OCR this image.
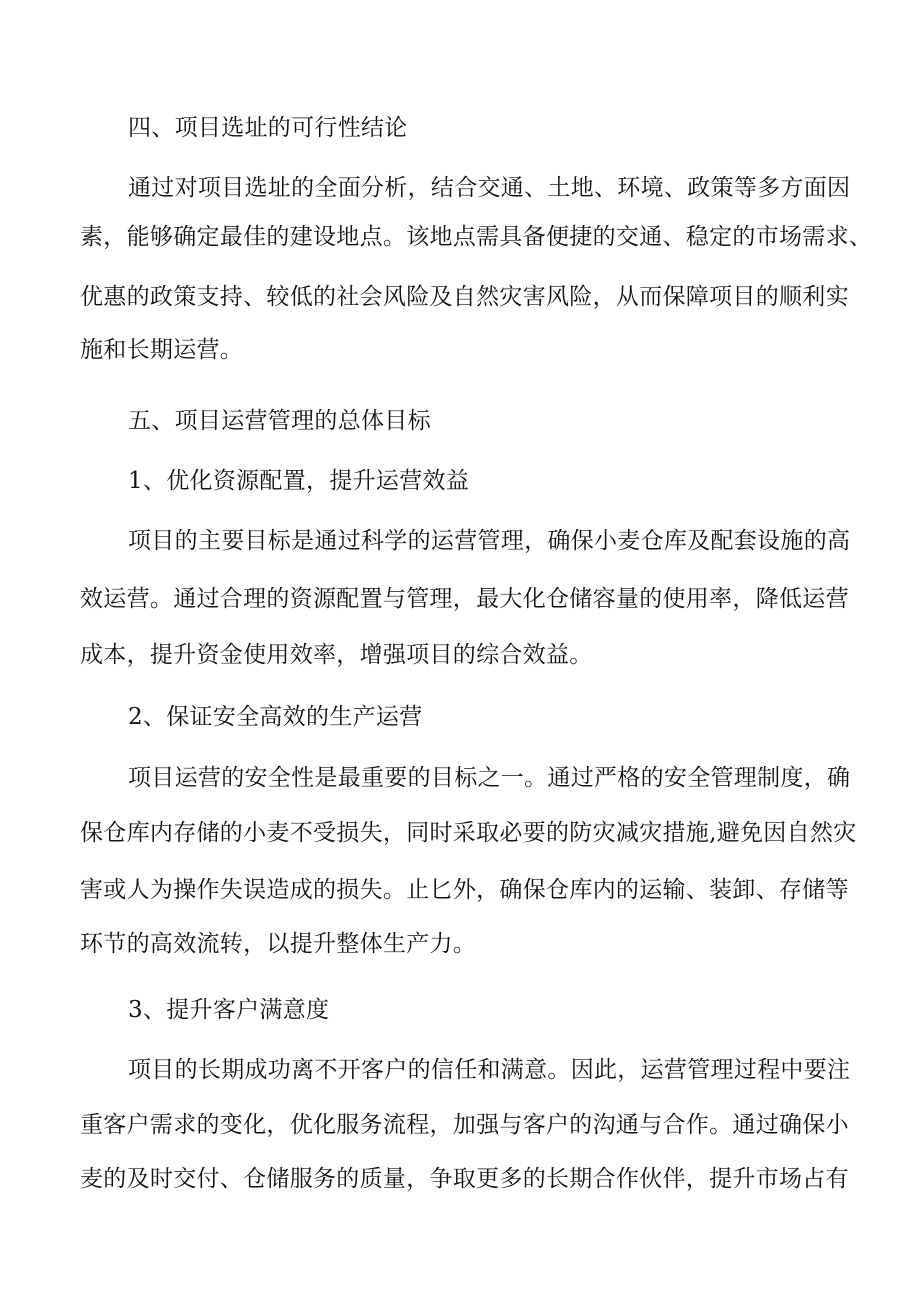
四、项目选址的可行性结论
通过对项目选址的全面分析，结合交通、土地、环境、政策等多方面因
素，能够确定最佳的建设地点。该地点需具备便捷的交通、稳定的市场需求、
优惠的政策支持、较低的社会风险及自然灾害风险，从而保障项目的顺利实
施和长期运营。
五、项目运营管理的总体目标
1、优化资源配置，提升运营效益
项目的主要目标是通过科学的运营管理，确保小麦仓库及配套设施的高
效运营。通过合理的资源配置与管理，最大化仓储容量的使用率，降低运营
成本，提升资金使用效率，增强项目的综合效益。
2、保证安全高效的生产运营
项目运营的安全性是最重要的目标之一。通过严格的安全管理制度，确
保仓库内存储的小麦不受损失，同时采取必要的防灾减灾措施,避免因自然灾
害或人为操作失误造成的损失。止匕外，确保仓库内的运输、装卸、存储等
环节的高效流转，以提升整体生产力。
3、提升客户满意度
项目的长期成功离不开客户的信任和满意。因此，运营管理过程中要注
重客户需求的变化，优化服务流程，加强与客户的沟通与合作。通过确保小
麦的及时交付、仓储服务的质量，争取更多的长期合作伙伴，提升市场占有
